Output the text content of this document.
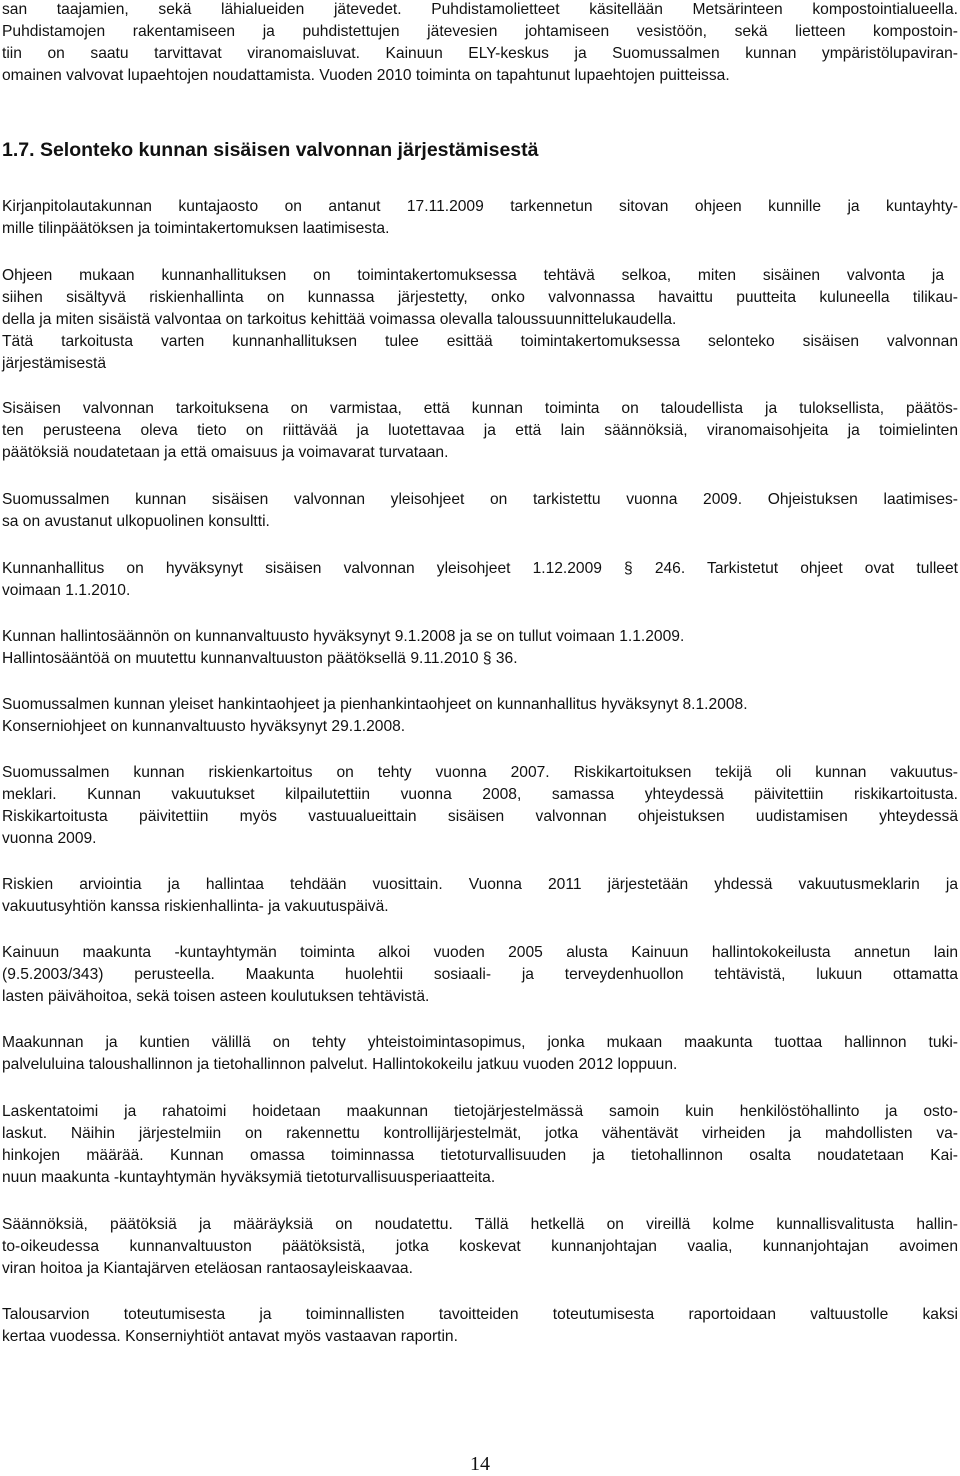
san taajamien, sekä lähialueiden jätevedet. Puhdistamolietteet käsitellään Metsärinteen kompostointialueella.
Puhdistamojen rakentamiseen ja puhdistettujen jätevesien johtamiseen vesistöön, sekä lietteen kompostoin-
tiin on saatu tarvittavat viranomaisluvat. Kainuun ELY-keskus ja Suomussalmen kunnan ympäristölupaviran-
omainen valvovat lupaehtojen noudattamista. Vuoden 2010 toiminta on tapahtunut lupaehtojen puitteissa.
1.7. Selonteko kunnan sisäisen valvonnan järjestämisestä
Kirjanpitolautakunnan kuntajaosto on antanut 17.11.2009 tarkennetun sitovan ohjeen kunnille ja kuntayhty-
mille tilinpäätöksen ja toimintakertomuksen laatimisesta.
Ohjeen mukaan kunnanhallituksen on toimintakertomuksessa tehtävä selkoa, miten sisäinen valvonta ja
siihen sisältyvä riskienhallinta on kunnassa järjestetty, onko valvonnassa havaittu puutteita kuluneella tilikau-
della ja miten sisäistä valvontaa on tarkoitus kehittää voimassa olevalla taloussuunnittelukaudella.
Tätä tarkoitusta varten kunnanhallituksen tulee esittää toimintakertomuksessa selonteko sisäisen valvonnan
järjestämisestä
Sisäisen valvonnan tarkoituksena on varmistaa, että kunnan toiminta on taloudellista ja tuloksellista, päätös-
ten perusteena oleva tieto on riittävää ja luotettavaa ja että lain säännöksiä, viranomaisohjeita ja toimielinten
päätöksiä noudatetaan ja että omaisuus ja voimavarat turvataan.
Suomussalmen kunnan sisäisen valvonnan yleisohjeet on tarkistettu vuonna 2009. Ohjeistuksen laatimises-
sa on avustanut ulkopuolinen konsultti.
Kunnanhallitus on hyväksynyt sisäisen valvonnan yleisohjeet 1.12.2009 § 246. Tarkistetut ohjeet ovat tulleet
voimaan 1.1.2010.
Kunnan hallintosäännön on kunnanvaltuusto hyväksynyt 9.1.2008 ja se on tullut voimaan 1.1.2009.
Hallintosääntöä on muutettu kunnanvaltuuston päätöksellä 9.11.2010 § 36.
Suomussalmen kunnan yleiset hankintaohjeet ja pienhankintaohjeet on kunnanhallitus hyväksynyt 8.1.2008.
Konserniohjeet on kunnanvaltuusto hyväksynyt 29.1.2008.
Suomussalmen kunnan riskienkartoitus on tehty vuonna 2007. Riskikartoituksen tekijä oli kunnan vakuutus-
meklari. Kunnan vakuutukset kilpailutettiin vuonna 2008, samassa yhteydessä päivitettiin riskikartoitusta.
Riskikartoitusta päivitettiin myös vastuualueittain sisäisen valvonnan ohjeistuksen uudistamisen yhteydessä
vuonna 2009.
Riskien arviointia ja hallintaa tehdään vuosittain. Vuonna 2011 järjestetään yhdessä vakuutusmeklarin ja
vakuutusyhtiön kanssa riskienhallinta- ja vakuutuspäivä.
Kainuun maakunta -kuntayhtymän toiminta alkoi vuoden 2005 alusta Kainuun hallintokokeilusta annetun lain
(9.5.2003/343) perusteella. Maakunta huolehtii sosiaali- ja terveydenhuollon tehtävistä, lukuun ottamatta
lasten päivähoitoa, sekä toisen asteen koulutuksen tehtävistä.
Maakunnan ja kuntien välillä on tehty yhteistoimintasopimus, jonka mukaan maakunta tuottaa hallinnon tuki-
palveluluina taloushallinnon ja tietohallinnon palvelut. Hallintokokeilu jatkuu vuoden 2012 loppuun.
Laskentatoimi ja rahatoimi hoidetaan maakunnan tietojärjestelmässä samoin kuin henkilöstöhallinto ja osto-
laskut. Näihin järjestelmiin on rakennettu kontrollijärjestelmät, jotka vähentävät virheiden ja mahdollisten va-
hinkojen määrää. Kunnan omassa toiminnassa tietoturvallisuuden ja tietohallinnon osalta noudatetaan Kai-
nuun maakunta -kuntayhtymän hyväksymiä tietoturvallisuusperiaatteita.
Säännöksiä, päätöksiä ja määräyksiä on noudatettu. Tällä hetkellä on vireillä kolme kunnallisvalitusta hallin-
to-oikeudessa kunnanvaltuuston päätöksistä, jotka koskevat kunnanjohtajan vaalia, kunnanjohtajan avoimen
viran hoitoa ja Kiantajärven eteläosan rantaosayleiskaavaa.
Talousarvion toteutumisesta ja toiminnallisten tavoitteiden toteutumisesta raportoidaan valtuustolle kaksi
kertaa vuodessa. Konserniyhtiöt antavat myös vastaavan raportin.
14
